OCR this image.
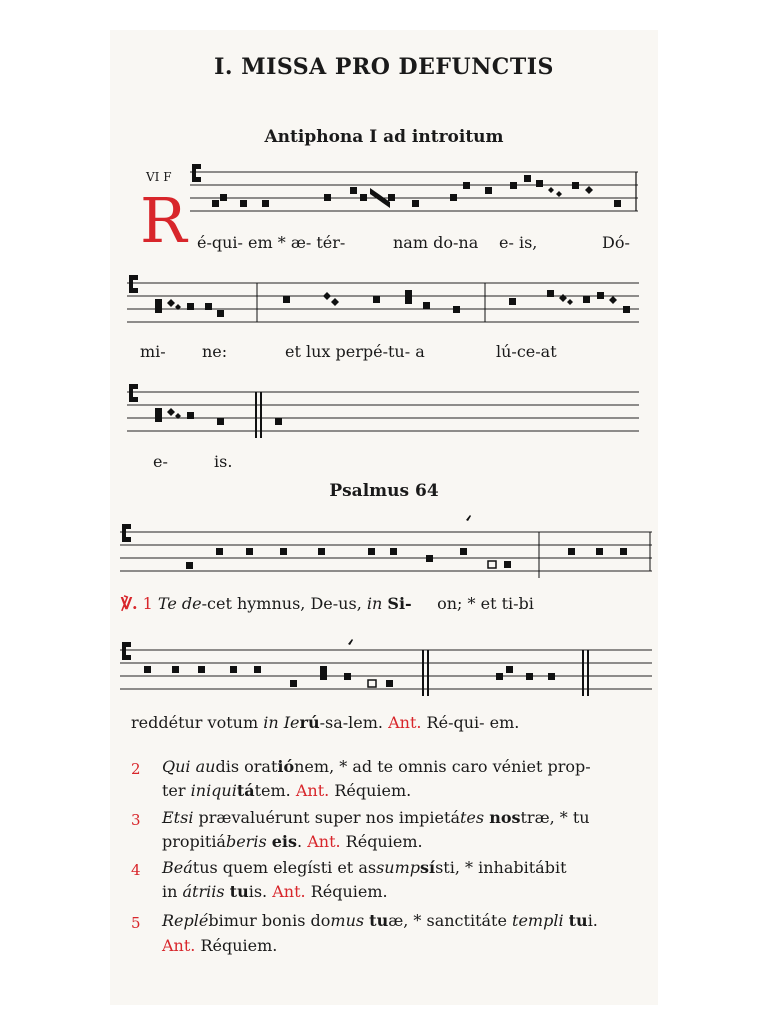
I. MISSA PRO DEFUNCTIS
Antiphona I ad introitum
VI F
R é-qui- em * æ- tér-	nam do-na e- is,	Dó-
mi- ne:	et lux perpé-tu- a	lú-ce-at
e-	is.
Psalmus 64
℣. 1 Te de-cet hymnus, De-us, in Si- on; * et ti-bi
reddétur votum in Ierú-sa-lem. Ant. Ré-qui- em.
2 Qui audis oratiónem, * ad te omnis caro véniet prop-
ter iniquitátem. Ant. Réquiem.
3 Etsi prævaluérunt super nos impietátes nostræ, * tu
propitiáberis eis. Ant. Réquiem.
4 Beátus quem elegísti et assumpsísti, * inhabitábit
in átriis tuis. Ant. Réquiem.
5 Replébimur bonis domus tuæ, * sanctitáte templi tui.
Ant. Réquiem.
